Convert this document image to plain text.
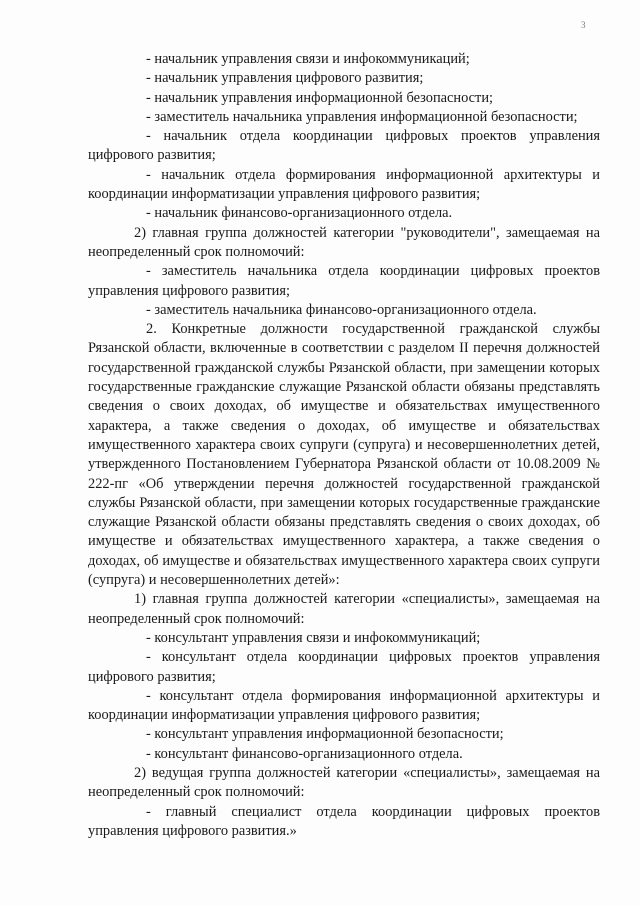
3

- начальник управления связи и инфокоммуникаций;

- начальник управления цифрового развития;

- начальник управления информационной безопасности;

- заместитель начальника управления информационной безопасности;

- начальник отдела координации цифровых проектов управления цифрового развития;

- начальник отдела формирования информационной архитектуры и координации информатизации управления цифрового развития;

- начальник финансово-организационного отдела.

2) главная группа должностей категории "руководители", замещаемая на неопределенный срок полномочий:

- заместитель начальника отдела координации цифровых проектов управления цифрового развития;

- заместитель начальника финансово-организационного отдела.

2. Конкретные должности государственной гражданской службы Рязанской области, включенные в соответствии с разделом II перечня должностей государственной гражданской службы Рязанской области, при замещении которых государственные гражданские служащие Рязанской области обязаны представлять сведения о своих доходах, об имуществе и обязательствах имущественного характера, а также сведения о доходах, об имуществе и обязательствах имущественного характера своих супруги (супруга) и несовершеннолетних детей, утвержденного Постановлением Губернатора Рязанской области от 10.08.2009 № 222-пг «Об утверждении перечня должностей государственной гражданской службы Рязанской области, при замещении которых государственные гражданские служащие Рязанской области обязаны представлять сведения о своих доходах, об имуществе и обязательствах имущественного характера, а также сведения о доходах, об имуществе и обязательствах имущественного характера своих супруги (супруга) и несовершеннолетних детей»:

1) главная группа должностей категории «специалисты», замещаемая на неопределенный срок полномочий:

- консультант управления связи и инфокоммуникаций;

- консультант отдела координации цифровых проектов управления цифрового развития;

- консультант отдела формирования информационной архитектуры и координации информатизации управления цифрового развития;

- консультант управления информационной безопасности;

- консультант финансово-организационного отдела.

2) ведущая группа должностей категории «специалисты», замещаемая на неопределенный срок полномочий:

- главный специалист отдела координации цифровых проектов управления цифрового развития.»
